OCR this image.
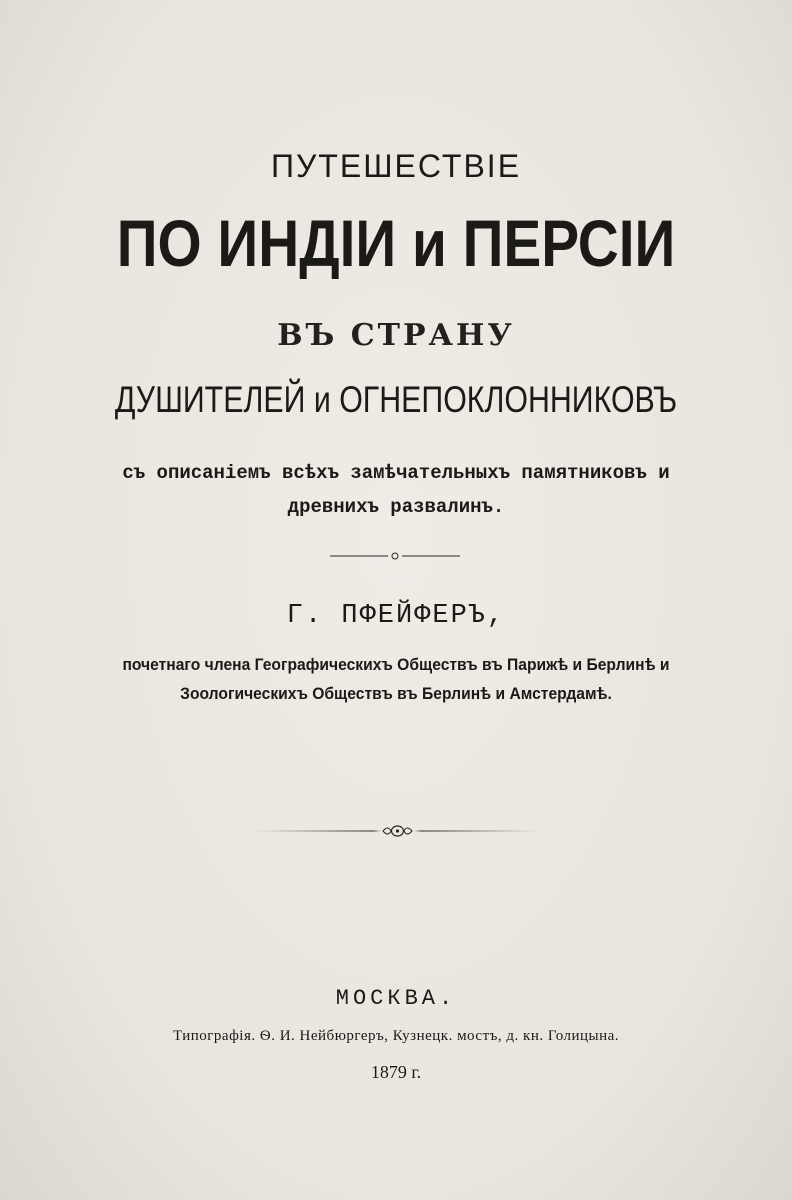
ПУТЕШЕСТВІЕ
ПО ИНДІИ и ПЕРСІИ
ВЪ СТРАНУ
ДУШИТЕЛЕЙ и ОГНЕПОКЛОННИКОВЪ
съ описаніемъ всѣхъ замѣчательныхъ памятниковъ и
древнихъ развалинъ.
Г. ПФЕЙФЕРЪ,
почетнаго члена Географическихъ Обществъ въ Парижѣ и Берлинѣ и
Зоологическихъ Обществъ въ Берлинѣ и Амстердамѣ.
МОСКВА.
Типографія. Ѳ. И. Нейбюргеръ, Кузнецк. мостъ, д. кн. Голицына.
1879 г.
